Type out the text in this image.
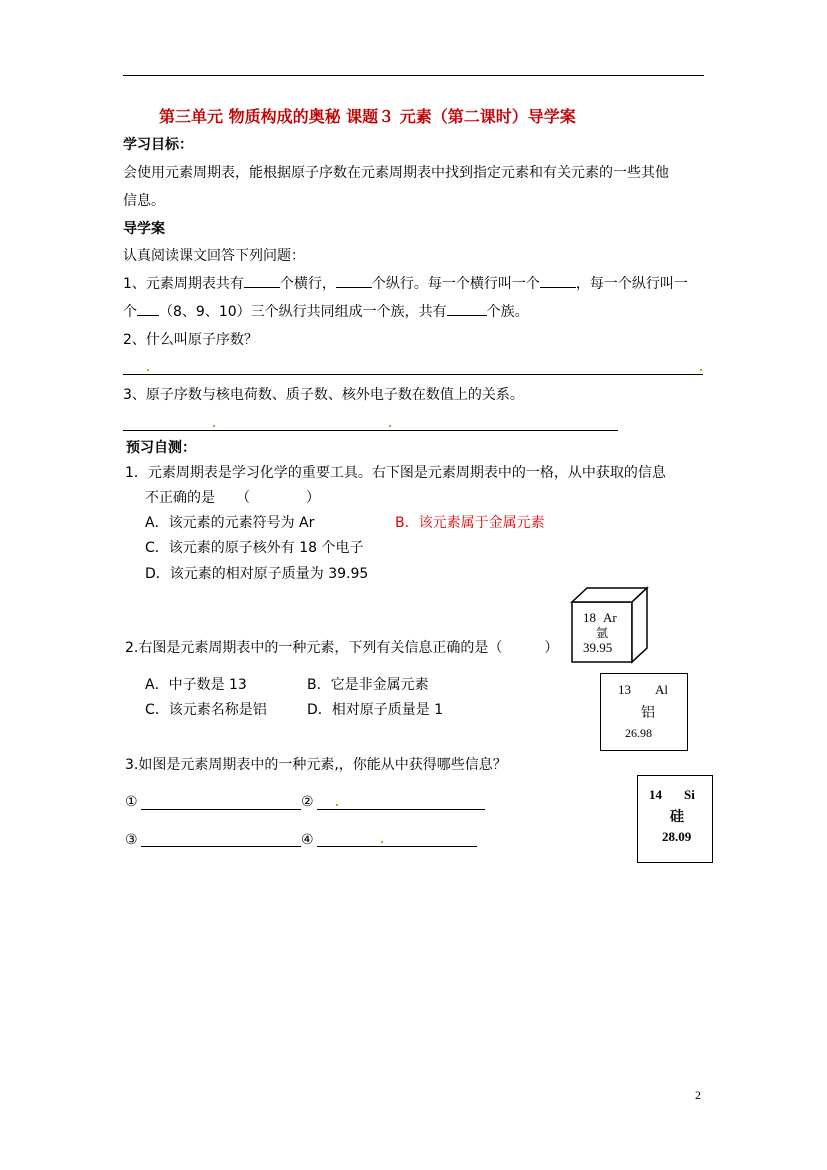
第三单元 物质构成的奥秘 课题３ 元素（第二课时）导学案
学习目标：
会使用元素周期表，能根据原子序数在元素周期表中找到指定元素和有关元素的一些其他
信息。
导学案
认真阅读课文回答下列问题：
1、元素周期表共有	个横行，	个纵行。每一个横行叫一个	，每一个纵行叫一
个 （8、9、10）三个纵行共同组成一个族，共有	个族。
2、什么叫原子序数？
3、原子序数与核电荷数、质子数、核外电子数在数值上的关系。
预习自测：
1．元素周期表是学习化学的重要工具。右下图是元素周期表中的一格，从中获取的信息
不正确的是　　（　　　　）
A．该元素的元素符号为 Ar	B．该元素属于金属元素
C．该元素的原子核外有 18 个电子
D．该元素的相对原子质量为 39.95
18 Ar
氩
39.95
2.右图是元素周期表中的一种元素，下列有关信息正确的是（　　　）
A．中子数是 13	B．它是非金属元素
C．该元素名称是铝	D．相对原子质量是 1
13 Al
铝
26.98
3.如图是元素周期表中的一种元素,，你能从中获得哪些信息？
①	②
③	④
14 Si
硅
28.09
2
